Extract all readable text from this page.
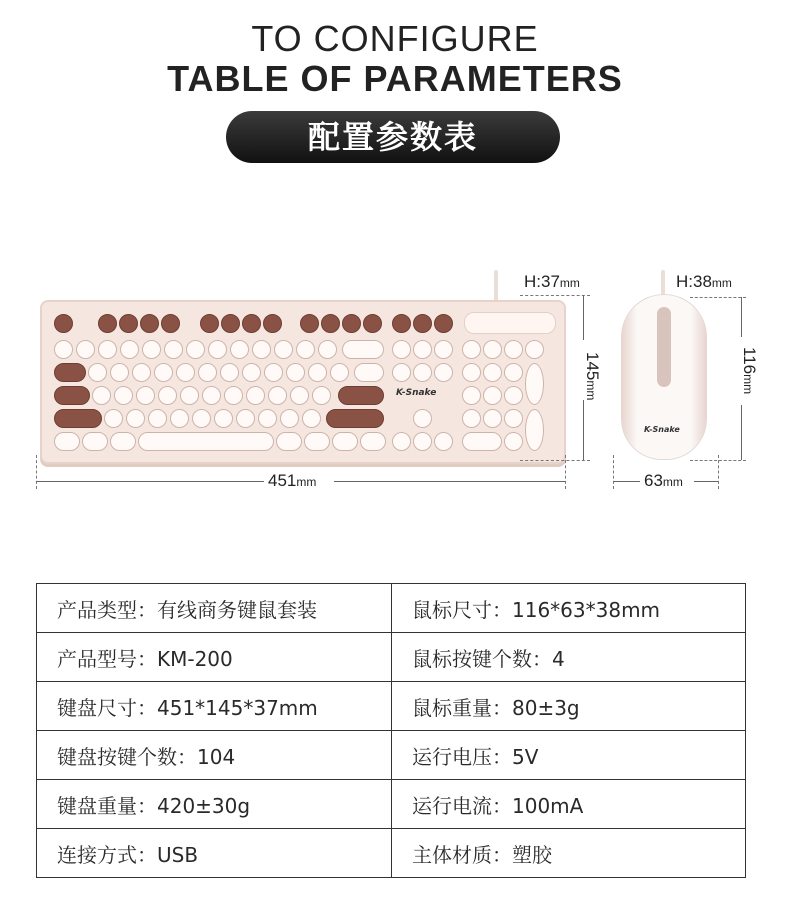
TO CONFIGURE
TABLE OF PARAMETERS
配置参数表
K-Snake
K-Snake
451mm
145mm
H:37mm	H:38mm
116mm
63mm
产品类型：有线商务键鼠套装	鼠标尺寸：116*63*38mm
产品型号：KM-200	鼠标按键个数：4
键盘尺寸：451*145*37mm	鼠标重量：80±3g
键盘按键个数：104	运行电压：5V
键盘重量：420±30g	运行电流：100mA
连接方式：USB	主体材质：塑胶
